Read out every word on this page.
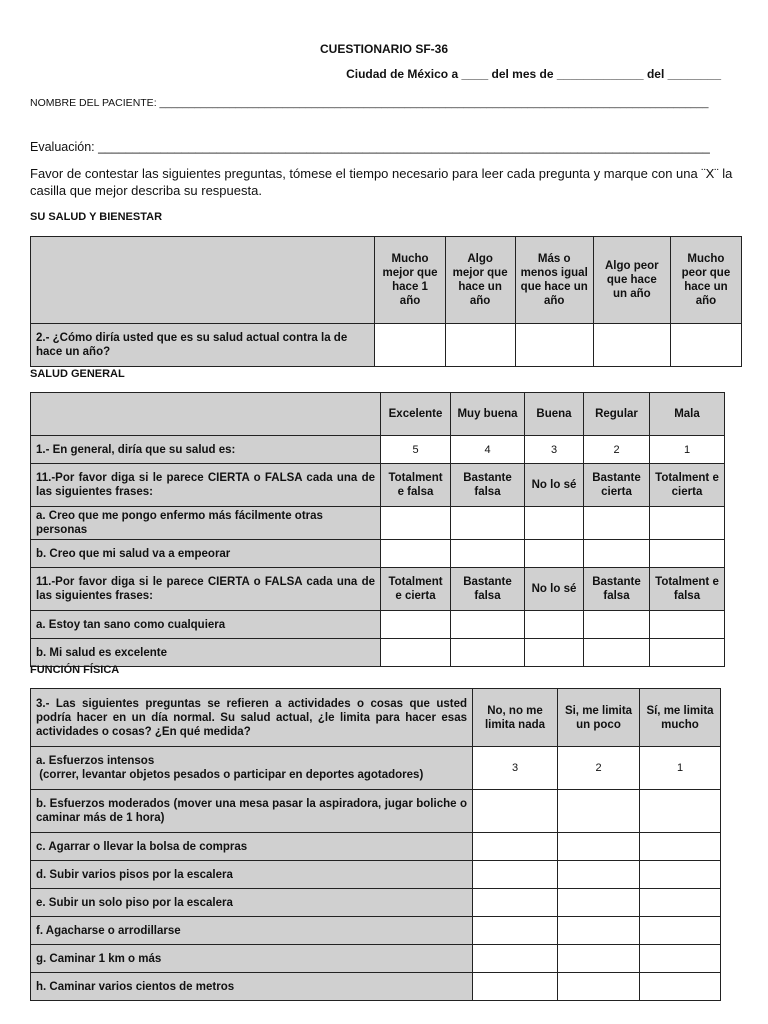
CUESTIONARIO SF-36
Ciudad de México a ____ del mes de _____________ del ________
NOMBRE DEL PACIENTE: ______________________________________________________________________________________________
Evaluación: ________________________________________________________________________________________
Favor de contestar las siguientes preguntas, tómese el tiempo necesario para leer cada pregunta y marque con una ¨X¨ la casilla que mejor describa su respuesta.
SU SALUD Y BIENESTAR
	Mucho mejor que hace 1 año	Algo mejor que hace un año	Más o menos igual que hace un año	Algo peor que hace un año	Mucho peor que hace un año
2.- ¿Cómo diría usted que es su salud actual contra la de hace un año?					
SALUD GENERAL
	Excelente	Muy buena	Buena	Regular	Mala
1.- En general, diría que su salud es:	5	4	3	2	1
11.-Por favor diga si le parece CIERTA o FALSA cada una de las siguientes frases:	Totalment e falsa	Bastante falsa	No lo sé	Bastante cierta	Totalment e cierta
a. Creo que me pongo enfermo más fácilmente otras personas					
b. Creo que mi salud va a empeorar					
11.-Por favor diga si le parece CIERTA o FALSA cada una de las siguientes frases:	Totalment e cierta	Bastante falsa	No lo sé	Bastante falsa	Totalment e falsa
a. Estoy tan sano como cualquiera					
b. Mi salud es excelente					
FUNCIÓN FÍSICA
3.- Las siguientes preguntas se refieren a actividades o cosas que usted podría hacer en un día normal. Su salud actual, ¿le limita para hacer esas actividades o cosas? ¿En qué medida?	No, no me limita nada	Si, me limita un poco	Sí, me limita mucho
a. Esfuerzos intensos
(correr, levantar objetos pesados o participar en deportes agotadores)	3	2	1
b. Esfuerzos moderados (mover una mesa pasar la aspiradora, jugar boliche o caminar más de 1 hora)			
c. Agarrar o llevar la bolsa de compras			
d. Subir varios pisos por la escalera			
e. Subir un solo piso por la escalera			
f. Agacharse o arrodillarse			
g. Caminar 1 km o más			
h. Caminar varios cientos de metros			
